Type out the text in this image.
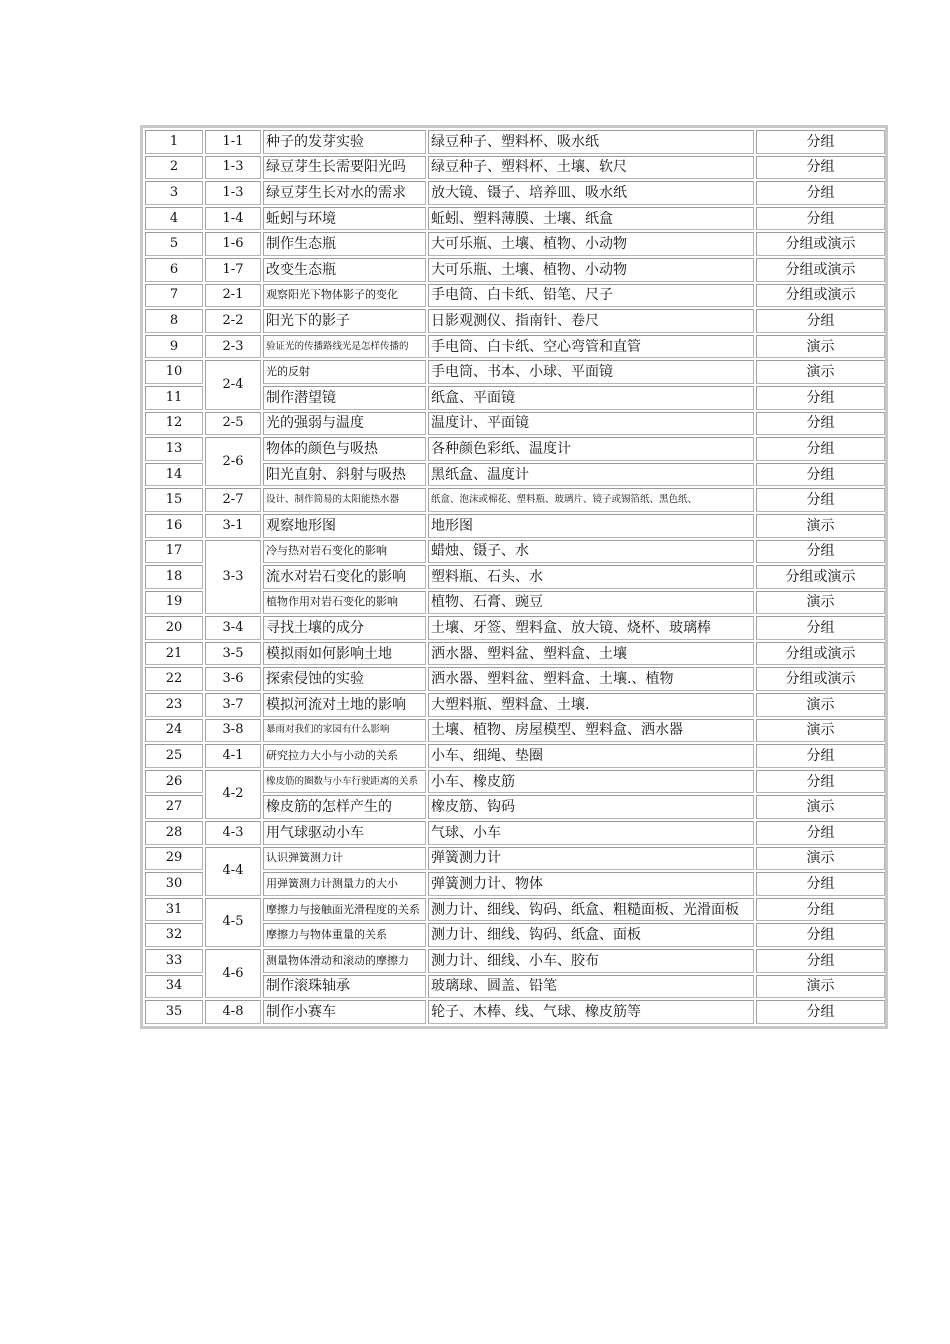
1	1-1	种子的发芽实验	绿豆种子、塑料杯、吸水纸	分组
2	1-3	绿豆芽生长需要阳光吗	绿豆种子、塑料杯、土壤、软尺	分组
3	1-3	绿豆芽生长对水的需求	放大镜、镊子、培养皿、吸水纸	分组
4	1-4	蚯蚓与环境	蚯蚓、塑料薄膜、土壤、纸盒	分组
5	1-6	制作生态瓶	大可乐瓶、土壤、植物、小动物	分组或演示
6	1-7	改变生态瓶	大可乐瓶、土壤、植物、小动物	分组或演示
7	2-1	观察阳光下物体影子的变化	手电筒、白卡纸、铅笔、尺子	分组或演示
8	2-2	阳光下的影子	日影观测仪、指南针、卷尺	分组
9	2-3	验证光的传播路线光是怎样传播的	手电筒、白卡纸、空心弯管和直管	演示
10	2-4	光的反射	手电筒、书本、小球、平面镜	演示
11		制作潜望镜	纸盒、平面镜	分组
12	2-5	光的强弱与温度	温度计、平面镜	分组
13	2-6	物体的颜色与吸热	各种颜色彩纸、温度计	分组
14		阳光直射、斜射与吸热	黑纸盒、温度计	分组
15	2-7	设计、制作简易的太阳能热水器	纸盒、泡沫或棉花、塑料瓶、玻璃片、镜子或锡箔纸、黑色纸、	分组
16	3-1	观察地形图	地形图	演示
17	3-3	冷与热对岩石变化的影响	蜡烛、镊子、水	分组
18		流水对岩石变化的影响	塑料瓶、石头、水	分组或演示
19		植物作用对岩石变化的影响	植物、石膏、豌豆	演示
20	3-4	寻找土壤的成分	土壤、牙签、塑料盒、放大镜、烧杯、玻璃棒	分组
21	3-5	模拟雨如何影响土地	洒水器、塑料盆、塑料盒、土壤	分组或演示
22	3-6	探索侵蚀的实验	洒水器、塑料盆、塑料盒、土壤.、植物	分组或演示
23	3-7	模拟河流对土地的影响	大塑料瓶、塑料盒、土壤.	演示
24	3-8	暴雨对我们的家园有什么影响	土壤、植物、房屋模型、塑料盒、洒水器	演示
25	4-1	研究拉力大小与小动的关系	小车、细绳、垫圈	分组
26	4-2	橡皮筋的圈数与小车行驶距离的关系	小车、橡皮筋	分组
27		橡皮筋的怎样产生的	橡皮筋、钩码	演示
28	4-3	用气球驱动小车	气球、小车	分组
29	4-4	认识弹簧测力计	弹簧测力计	演示
30		用弹簧测力计测量力的大小	弹簧测力计、物体	分组
31	4-5	摩擦力与接触面光滑程度的关系	测力计、细线、钩码、纸盒、粗糙面板、光滑面板	分组
32		摩擦力与物体重量的关系	测力计、细线、钩码、纸盒、面板	分组
33	4-6	测量物体滑动和滚动的摩擦力	测力计、细线、小车、胶布	分组
34		制作滚珠轴承	玻璃球、圆盖、铅笔	演示
35	4-8	制作小赛车	轮子、木棒、线、气球、橡皮筋等	分组
